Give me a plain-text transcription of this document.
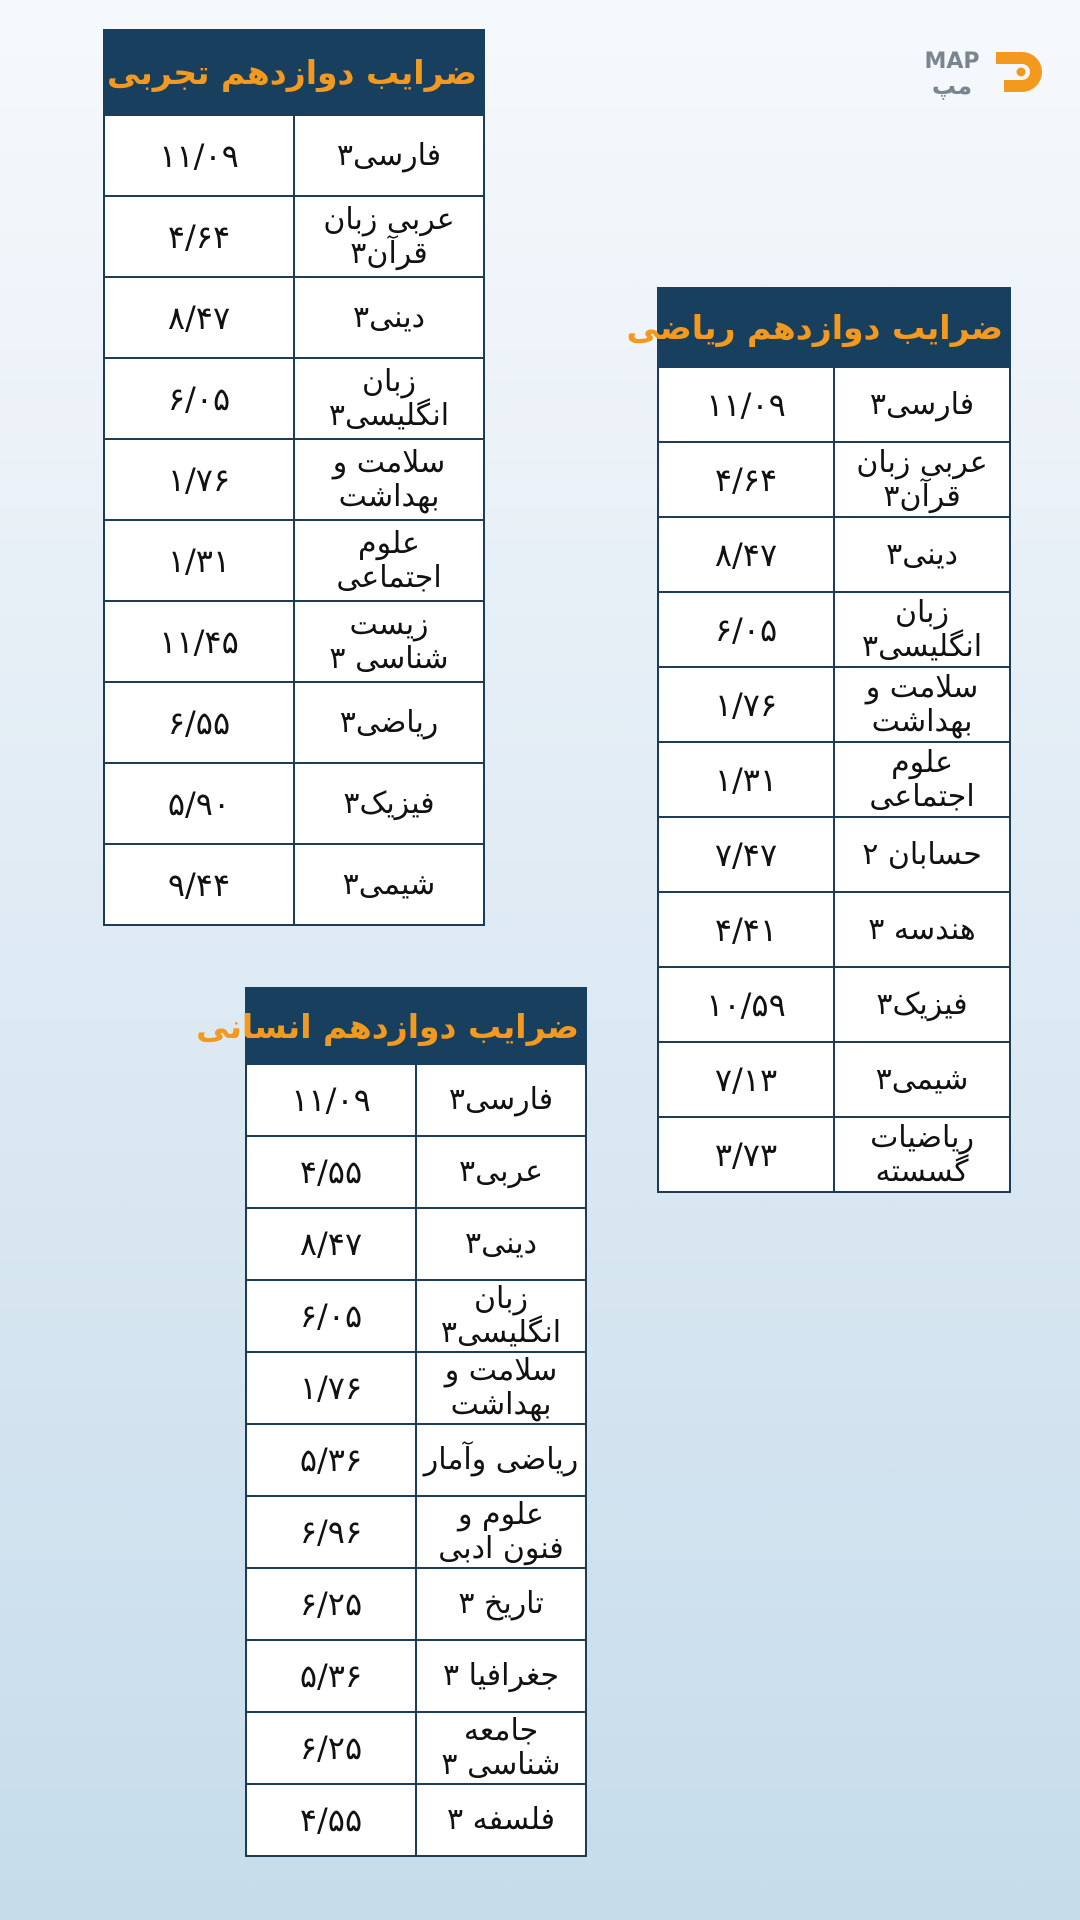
MAP
مپ
ضرایب دوازدهم تجربی	
فارسی۳	۱۱/۰۹
عربی زبان قرآن۳	۴/۶۴
دینی۳	۸/۴۷
زبان انگلیسی۳	۶/۰۵
سلامت و بهداشت	۱/۷۶
علوم اجتماعی	۱/۳۱
زیست شناسی ۳	۱۱/۴۵
ریاضی۳	۶/۵۵
فیزیک۳	۵/۹۰
شیمی۳	۹/۴۴
ضرایب دوازدهم ریاضی	
فارسی۳	۱۱/۰۹
عربی زبان قرآن۳	۴/۶۴
دینی۳	۸/۴۷
زبان انگلیسی۳	۶/۰۵
سلامت و بهداشت	۱/۷۶
علوم اجتماعی	۱/۳۱
حسابان ۲	۷/۴۷
هندسه ۳	۴/۴۱
فیزیک۳	۱۰/۵۹
شیمی۳	۷/۱۳
ریاضیات گسسته	۳/۷۳
ضرایب دوازدهم انسانی	
فارسی۳	۱۱/۰۹
عربی۳	۴/۵۵
دینی۳	۸/۴۷
زبان انگلیسی۳	۶/۰۵
سلامت و بهداشت	۱/۷۶
ریاضی وآمار	۵/۳۶
علوم و فنون ادبی	۶/۹۶
تاریخ ۳	۶/۲۵
جغرافیا ۳	۵/۳۶
جامعه شناسی ۳	۶/۲۵
فلسفه ۳	۴/۵۵
